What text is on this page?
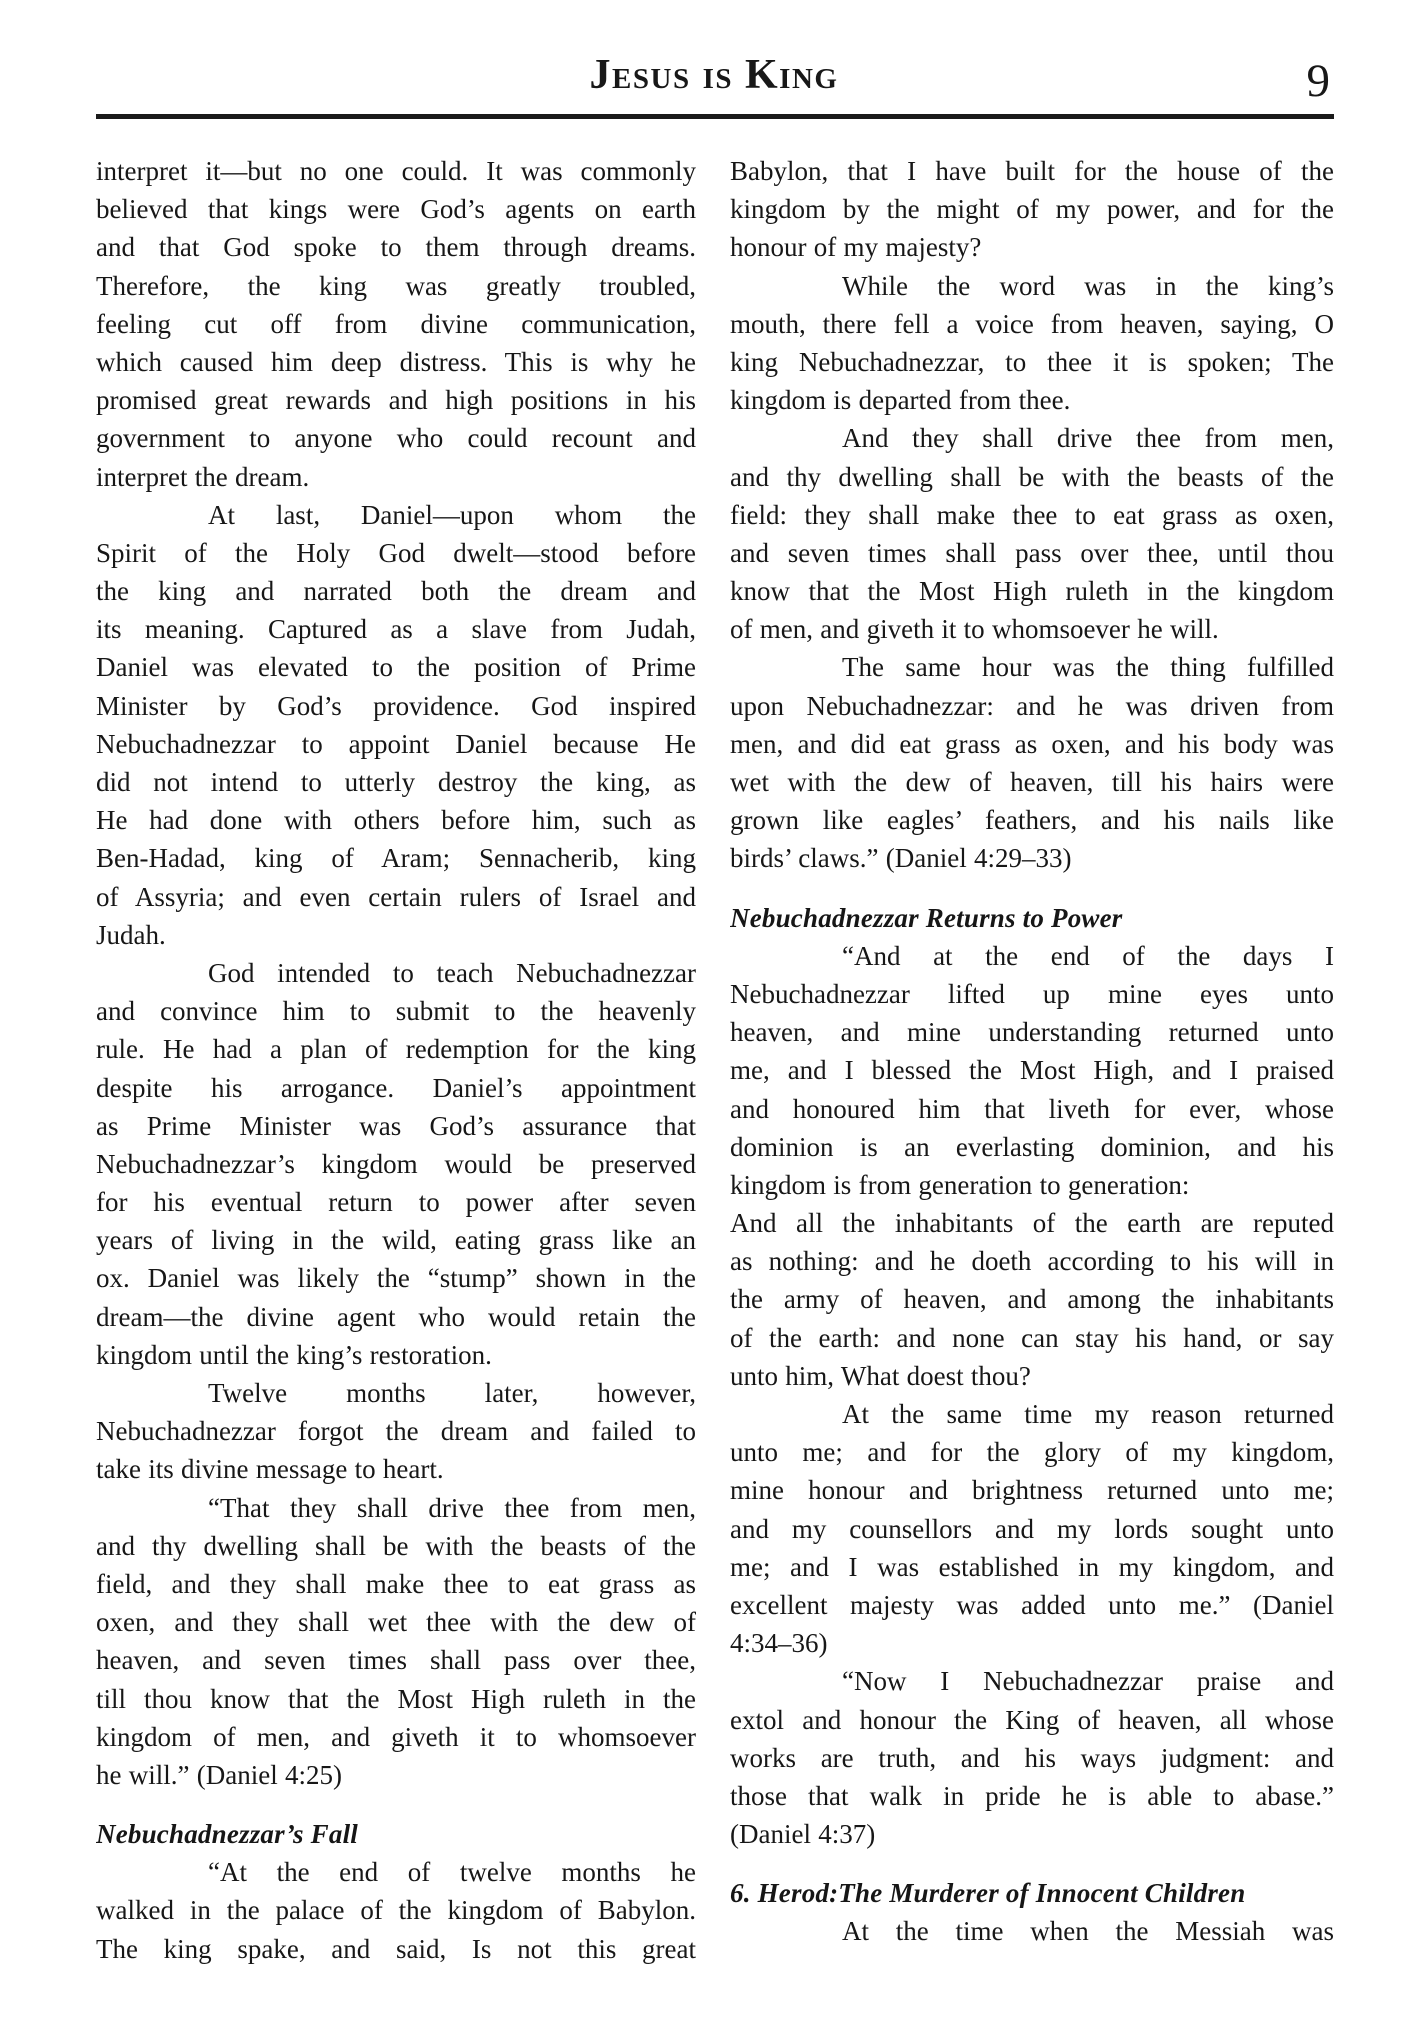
Jesus is King	9
interpret it—but no one could. It was commonly
believed that kings were God’s agents on earth
and that God spoke to them through dreams.
Therefore, the king was greatly troubled,
feeling cut off from divine communication,
which caused him deep distress. This is why he
promised great rewards and high positions in his
government to anyone who could recount and
interpret the dream.
At last, Daniel—upon whom the
Spirit of the Holy God dwelt—stood before
the king and narrated both the dream and
its meaning. Captured as a slave from Judah,
Daniel was elevated to the position of Prime
Minister by God’s providence. God inspired
Nebuchadnezzar to appoint Daniel because He
did not intend to utterly destroy the king, as
He had done with others before him, such as
Ben-Hadad, king of Aram; Sennacherib, king
of Assyria; and even certain rulers of Israel and
Judah.
God intended to teach Nebuchadnezzar
and convince him to submit to the heavenly
rule. He had a plan of redemption for the king
despite his arrogance. Daniel’s appointment
as Prime Minister was God’s assurance that
Nebuchadnezzar’s kingdom would be preserved
for his eventual return to power after seven
years of living in the wild, eating grass like an
ox. Daniel was likely the “stump” shown in the
dream—the divine agent who would retain the
kingdom until the king’s restoration.
Twelve months later, however,
Nebuchadnezzar forgot the dream and failed to
take its divine message to heart.
“That they shall drive thee from men,
and thy dwelling shall be with the beasts of the
field, and they shall make thee to eat grass as
oxen, and they shall wet thee with the dew of
heaven, and seven times shall pass over thee,
till thou know that the Most High ruleth in the
kingdom of men, and giveth it to whomsoever
he will.” (Daniel 4:25)
Nebuchadnezzar’s Fall
“At the end of twelve months he
walked in the palace of the kingdom of Babylon.
The king spake, and said, Is not this great
Babylon, that I have built for the house of the
kingdom by the might of my power, and for the
honour of my majesty?
While the word was in the king’s
mouth, there fell a voice from heaven, saying, O
king Nebuchadnezzar, to thee it is spoken; The
kingdom is departed from thee.
And they shall drive thee from men,
and thy dwelling shall be with the beasts of the
field: they shall make thee to eat grass as oxen,
and seven times shall pass over thee, until thou
know that the Most High ruleth in the kingdom
of men, and giveth it to whomsoever he will.
The same hour was the thing fulfilled
upon Nebuchadnezzar: and he was driven from
men, and did eat grass as oxen, and his body was
wet with the dew of heaven, till his hairs were
grown like eagles’ feathers, and his nails like
birds’ claws.” (Daniel 4:29–33)
Nebuchadnezzar Returns to Power
“And at the end of the days I
Nebuchadnezzar lifted up mine eyes unto
heaven, and mine understanding returned unto
me, and I blessed the Most High, and I praised
and honoured him that liveth for ever, whose
dominion is an everlasting dominion, and his
kingdom is from generation to generation:
And all the inhabitants of the earth are reputed
as nothing: and he doeth according to his will in
the army of heaven, and among the inhabitants
of the earth: and none can stay his hand, or say
unto him, What doest thou?
At the same time my reason returned
unto me; and for the glory of my kingdom,
mine honour and brightness returned unto me;
and my counsellors and my lords sought unto
me; and I was established in my kingdom, and
excellent majesty was added unto me.” (Daniel
4:34–36)
“Now I Nebuchadnezzar praise and
extol and honour the King of heaven, all whose
works are truth, and his ways judgment: and
those that walk in pride he is able to abase.”
(Daniel 4:37)
6. Herod:The Murderer of Innocent Children
At the time when the Messiah was
